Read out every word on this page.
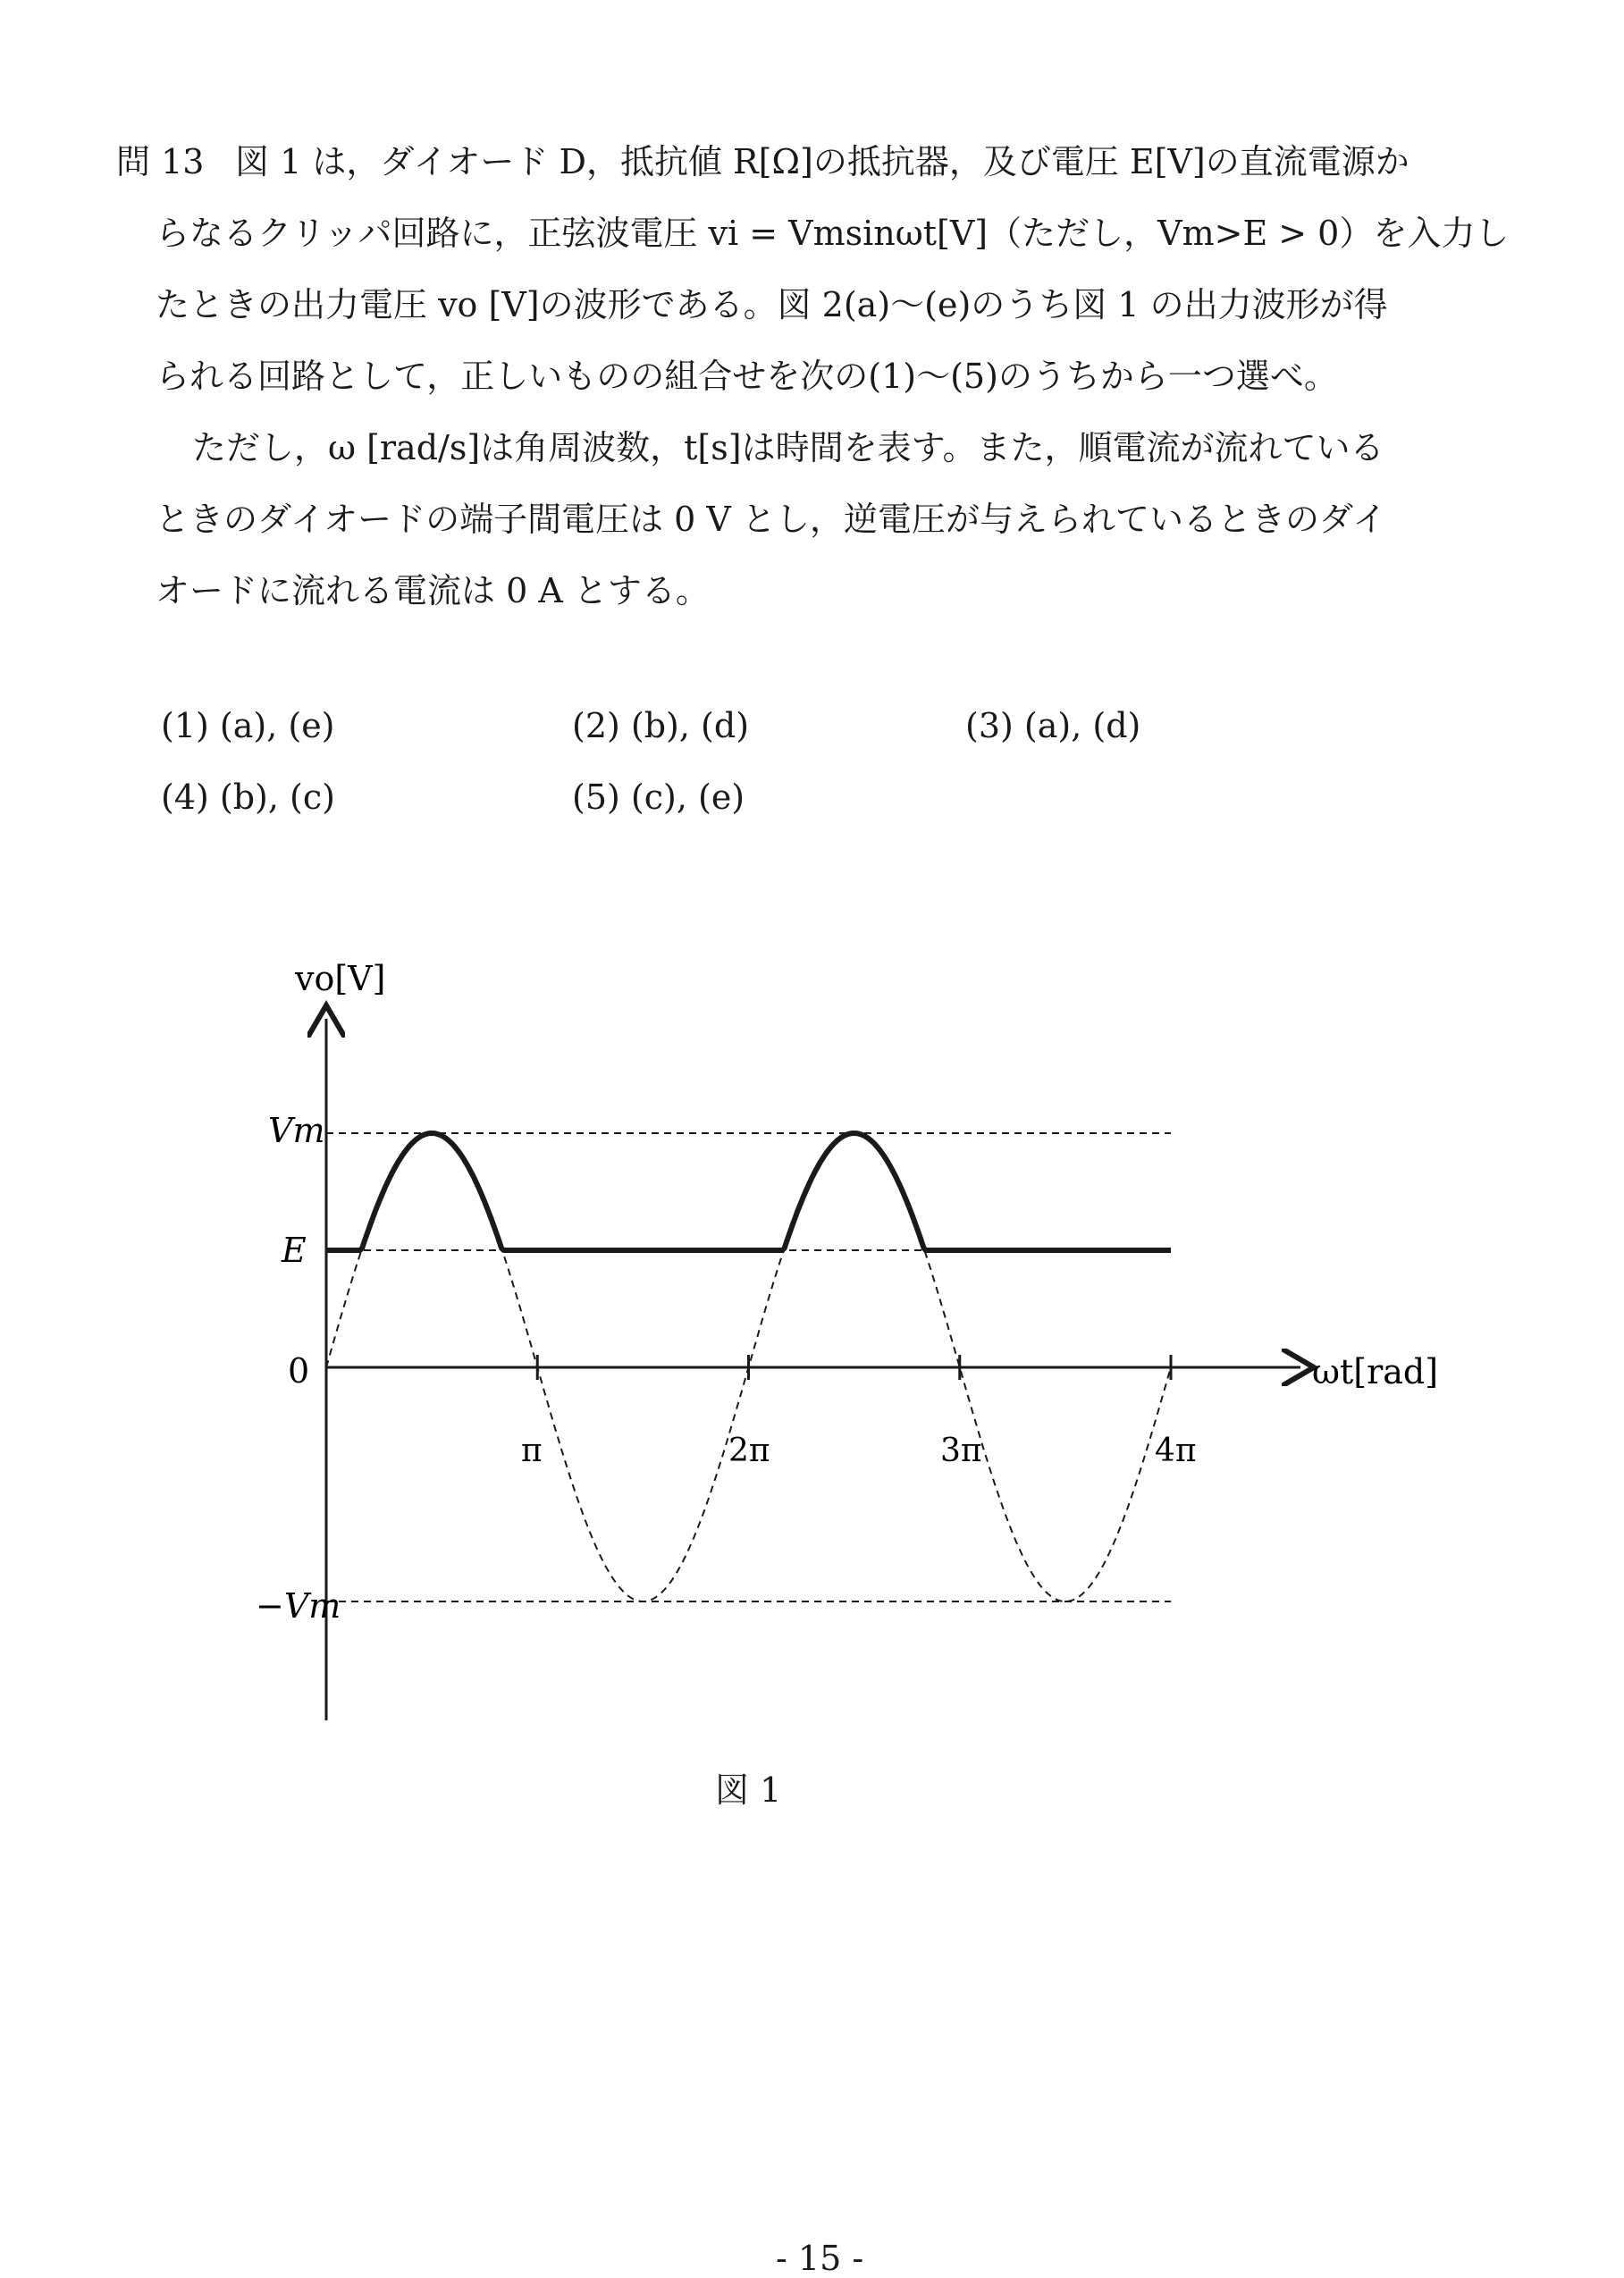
問 13 図 1 は，ダイオード D，抵抗値 R[Ω]の抵抗器，及び電圧 E[V]の直流電源か
らなるクリッパ回路に，正弦波電圧 vi = Vmsinωt[V]（ただし，Vm>E > 0）を入力し
たときの出力電圧 vo [V]の波形である。図 2(a)～(e)のうち図 1 の出力波形が得
られる回路として，正しいものの組合せを次の(1)～(5)のうちから一つ選べ。
ただし，ω [rad/s]は角周波数，t[s]は時間を表す。また，順電流が流れている
ときのダイオードの端子間電圧は 0 V とし，逆電圧が与えられているときのダイ
オードに流れる電流は 0 A とする。
(1) (a), (e)	(2) (b), (d)	(3) (a), (d)
(4) (b), (c)	(5) (c), (e)
vo[V]
ωt[rad]
Vm
E
0
−Vm
π	2π	3π	4π
図 1
- 15 -
